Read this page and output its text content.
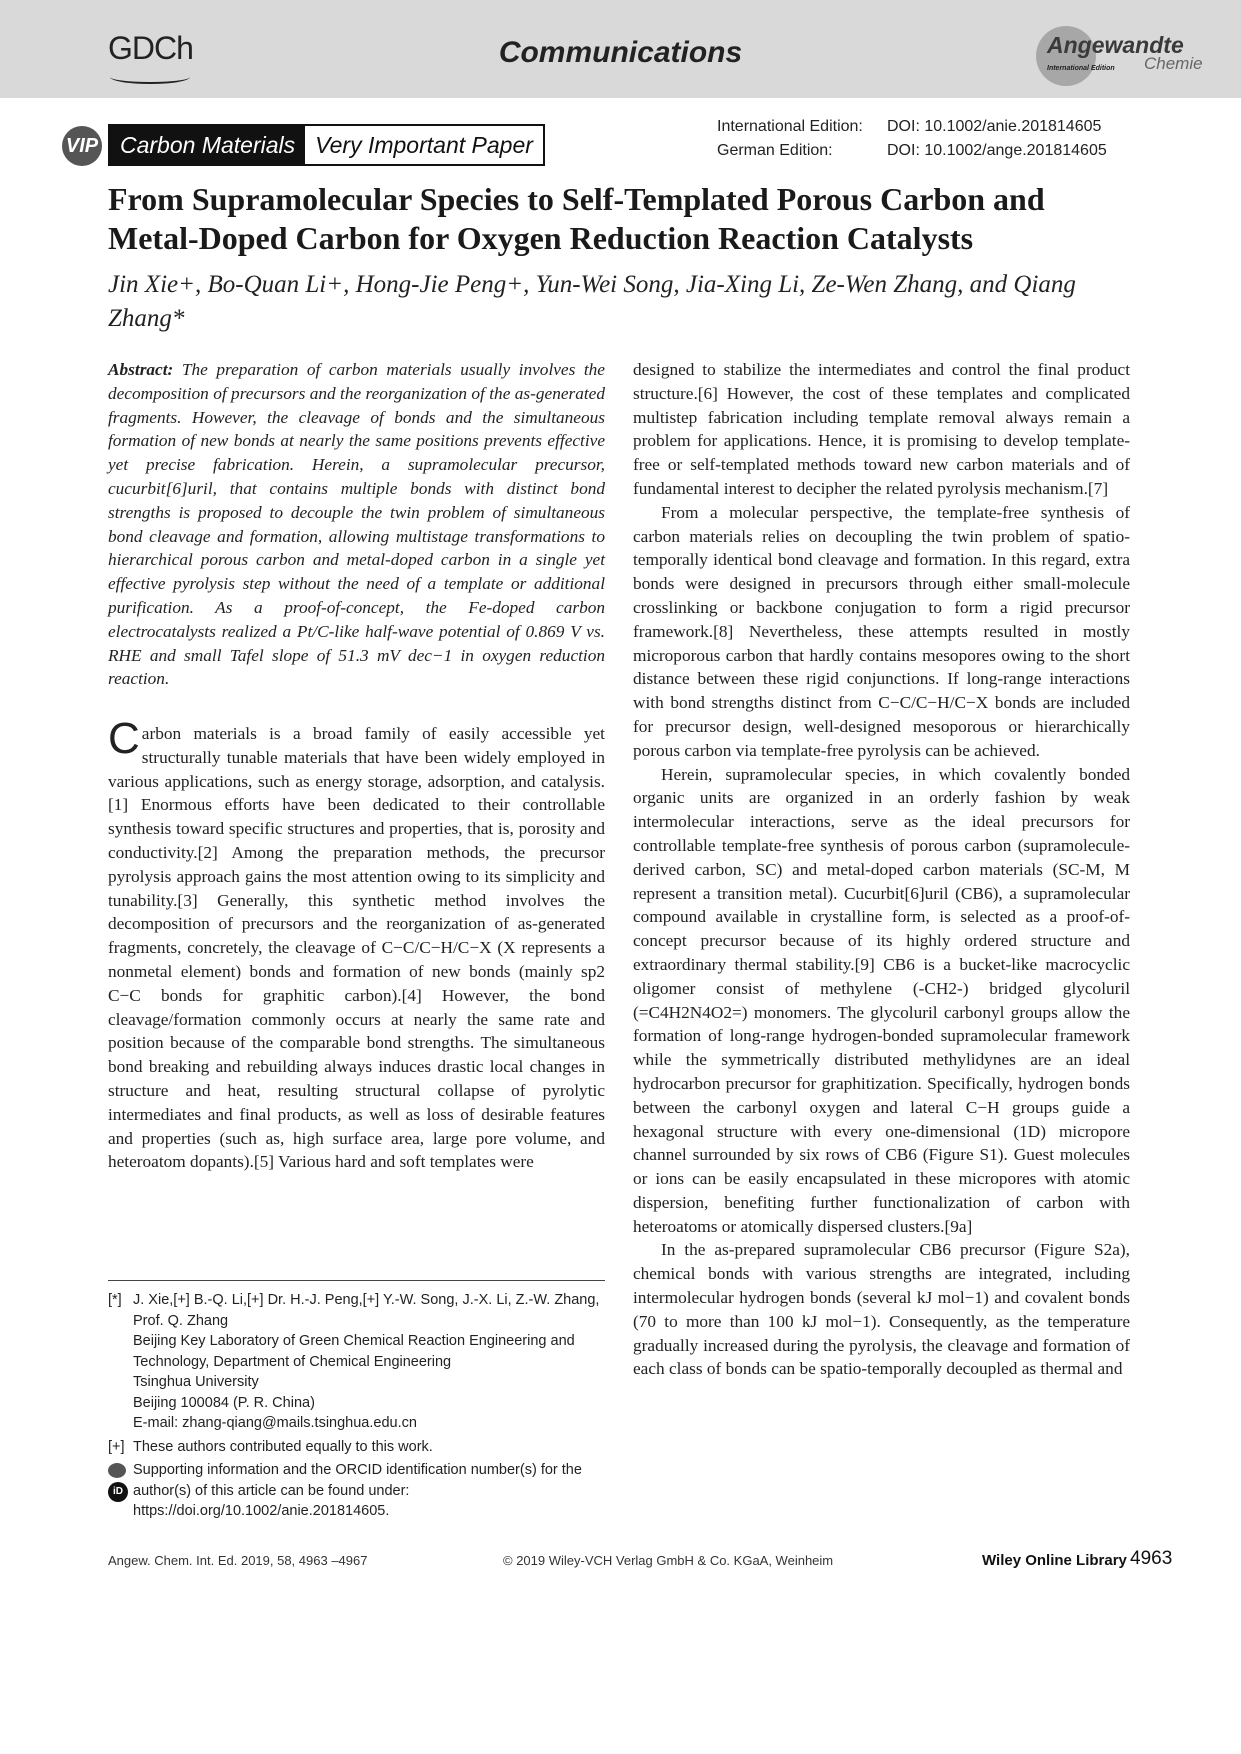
GDCh	Communications	Angewandte
International Edition Chemie
VIP Carbon Materials Very Important Paper
International Edition: DOI: 10.1002/anie.201814605
German Edition:	DOI: 10.1002/ange.201814605
From Supramolecular Species to Self-Templated Porous Carbon and Metal-Doped Carbon for Oxygen Reduction Reaction Catalysts
Jin Xie+, Bo-Quan Li+, Hong-Jie Peng+, Yun-Wei Song, Jia-Xing Li, Ze-Wen Zhang, and Qiang Zhang*

Abstract: The preparation of carbon materials usually involves the decomposition of precursors and the reorganization of the as-generated fragments. However, the cleavage of bonds and the simultaneous formation of new bonds at nearly the same positions prevents effective yet precise fabrication. Herein, a supramolecular precursor, cucurbit[6]uril, that contains multiple bonds with distinct bond strengths is proposed to decouple the twin problem of simultaneous bond cleavage and formation, allowing multistage transformations to hierarchical porous carbon and metal-doped carbon in a single yet effective pyrolysis step without the need of a template or additional purification. As a proof-of-concept, the Fe-doped carbon electrocatalysts realized a Pt/C-like half-wave potential of 0.869 V vs. RHE and small Tafel slope of 51.3 mV dec−1 in oxygen reduction reaction.

Carbon materials is a broad family of easily accessible yet structurally tunable materials that have been widely employed in various applications, such as energy storage, adsorption, and catalysis.[1] Enormous efforts have been dedicated to their controllable synthesis toward specific structures and properties, that is, porosity and conductivity.[2] Among the preparation methods, the precursor pyrolysis approach gains the most attention owing to its simplicity and tunability.[3] Generally, this synthetic method involves the decomposition of precursors and the reorganization of as-generated fragments, concretely, the cleavage of C−C/C−H/C−X (X represents a nonmetal element) bonds and formation of new bonds (mainly sp2 C−C bonds for graphitic carbon).[4] However, the bond cleavage/formation commonly occurs at nearly the same rate and position because of the comparable bond strengths. The simultaneous bond breaking and rebuilding always induces drastic local changes in structure and heat, resulting structural collapse of pyrolytic intermediates and final products, as well as loss of desirable features and properties (such as, high surface area, large pore volume, and heteroatom dopants).[5] Various hard and soft templates were

designed to stabilize the intermediates and control the final product structure.[6] However, the cost of these templates and complicated multistep fabrication including template removal always remain a problem for applications. Hence, it is promising to develop template-free or self-templated methods toward new carbon materials and of fundamental interest to decipher the related pyrolysis mechanism.[7]

From a molecular perspective, the template-free synthesis of carbon materials relies on decoupling the twin problem of spatio-temporally identical bond cleavage and formation. In this regard, extra bonds were designed in precursors through either small-molecule crosslinking or backbone conjugation to form a rigid precursor framework.[8] Nevertheless, these attempts resulted in mostly microporous carbon that hardly contains mesopores owing to the short distance between these rigid conjunctions. If long-range interactions with bond strengths distinct from C−C/C−H/C−X bonds are included for precursor design, well-designed mesoporous or hierarchically porous carbon via template-free pyrolysis can be achieved.

Herein, supramolecular species, in which covalently bonded organic units are organized in an orderly fashion by weak intermolecular interactions, serve as the ideal precursors for controllable template-free synthesis of porous carbon (supramolecule-derived carbon, SC) and metal-doped carbon materials (SC-M, M represent a transition metal). Cucurbit[6]uril (CB6), a supramolecular compound available in crystalline form, is selected as a proof-of-concept precursor because of its highly ordered structure and extraordinary thermal stability.[9] CB6 is a bucket-like macrocyclic oligomer consist of methylene (-CH2-) bridged glycoluril (=C4H2N4O2=) monomers. The glycoluril carbonyl groups allow the formation of long-range hydrogen-bonded supramolecular framework while the symmetrically distributed methylidynes are an ideal hydrocarbon precursor for graphitization. Specifically, hydrogen bonds between the carbonyl oxygen and lateral C−H groups guide a hexagonal structure with every one-dimensional (1D) micropore channel surrounded by six rows of CB6 (Figure S1). Guest molecules or ions can be easily encapsulated in these micropores with atomic dispersion, benefiting further functionalization of carbon with heteroatoms or atomically dispersed clusters.[9a]

In the as-prepared supramolecular CB6 precursor (Figure S2a), chemical bonds with various strengths are integrated, including intermolecular hydrogen bonds (several kJ mol−1) and covalent bonds (70 to more than 100 kJ mol−1). Consequently, as the temperature gradually increased during the pyrolysis, the cleavage and formation of each class of bonds can be spatio-temporally decoupled as thermal and

[*] J. Xie,[+] B.-Q. Li,[+] Dr. H.-J. Peng,[+] Y.-W. Song, J.-X. Li, Z.-W. Zhang, Prof. Q. Zhang
Beijing Key Laboratory of Green Chemical Reaction Engineering and Technology, Department of Chemical Engineering
Tsinghua University
Beijing 100084 (P. R. China)
E-mail: zhang-qiang@mails.tsinghua.edu.cn
[+] These authors contributed equally to this work.
iD
Supporting information and the ORCID identification number(s) for the author(s) of this article can be found under: https://doi.org/10.1002/anie.201814605.
Angew. Chem. Int. Ed. 2019, 58, 4963 –4967	© 2019 Wiley-VCH Verlag GmbH & Co. KGaA, Weinheim	Wiley Online Library 4963
